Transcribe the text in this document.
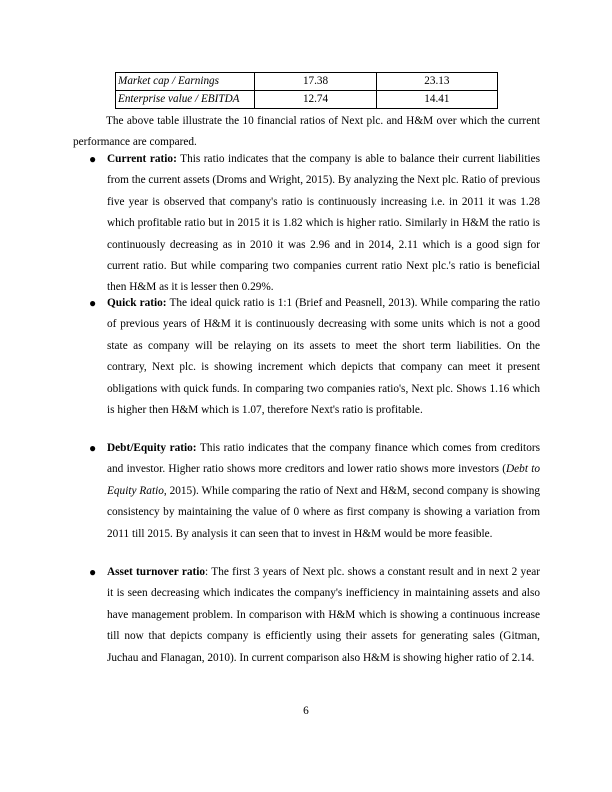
Market cap / Earnings	17.38	23.13
Enterprise value / EBITDA	12.74	14.41

The above table illustrate the 10 financial ratios of Next plc. and H&M over which the current performance are compared.

● Current ratio: This ratio indicates that the company is able to balance their current liabilities from the current assets (Droms and Wright, 2015). By analyzing the Next plc. Ratio of previous five year is observed that company's ratio is continuously increasing i.e. in 2011 it was 1.28 which profitable ratio but in 2015 it is 1.82 which is higher ratio. Similarly in H&M the ratio is continuously decreasing as in 2010 it was 2.96 and in 2014, 2.11 which is a good sign for current ratio. But while comparing two companies current ratio Next plc.'s ratio is beneficial then H&M as it is lesser then 0.29%.

● Quick ratio: The ideal quick ratio is 1:1 (Brief and Peasnell, 2013). While comparing the ratio of previous years of H&M it is continuously decreasing with some units which is not a good state as company will be relaying on its assets to meet the short term liabilities. On the contrary, Next plc. is showing increment which depicts that company can meet it present obligations with quick funds. In comparing two companies ratio's, Next plc. Shows 1.16 which is higher then H&M which is 1.07, therefore Next's ratio is profitable.

● Debt/Equity ratio: This ratio indicates that the company finance which comes from creditors and investor. Higher ratio shows more creditors and lower ratio shows more investors (Debt to Equity Ratio, 2015). While comparing the ratio of Next and H&M, second company is showing consistency by maintaining the value of 0 where as first company is showing a variation from 2011 till 2015. By analysis it can seen that to invest in H&M would be more feasible.

● Asset turnover ratio: The first 3 years of Next plc. shows a constant result and in next 2 year it is seen decreasing which indicates the company's inefficiency in maintaining assets and also have management problem. In comparison with H&M which is showing a continuous increase till now that depicts company is efficiently using their assets for generating sales (Gitman, Juchau and Flanagan, 2010). In current comparison also H&M is showing higher ratio of 2.14.

6
